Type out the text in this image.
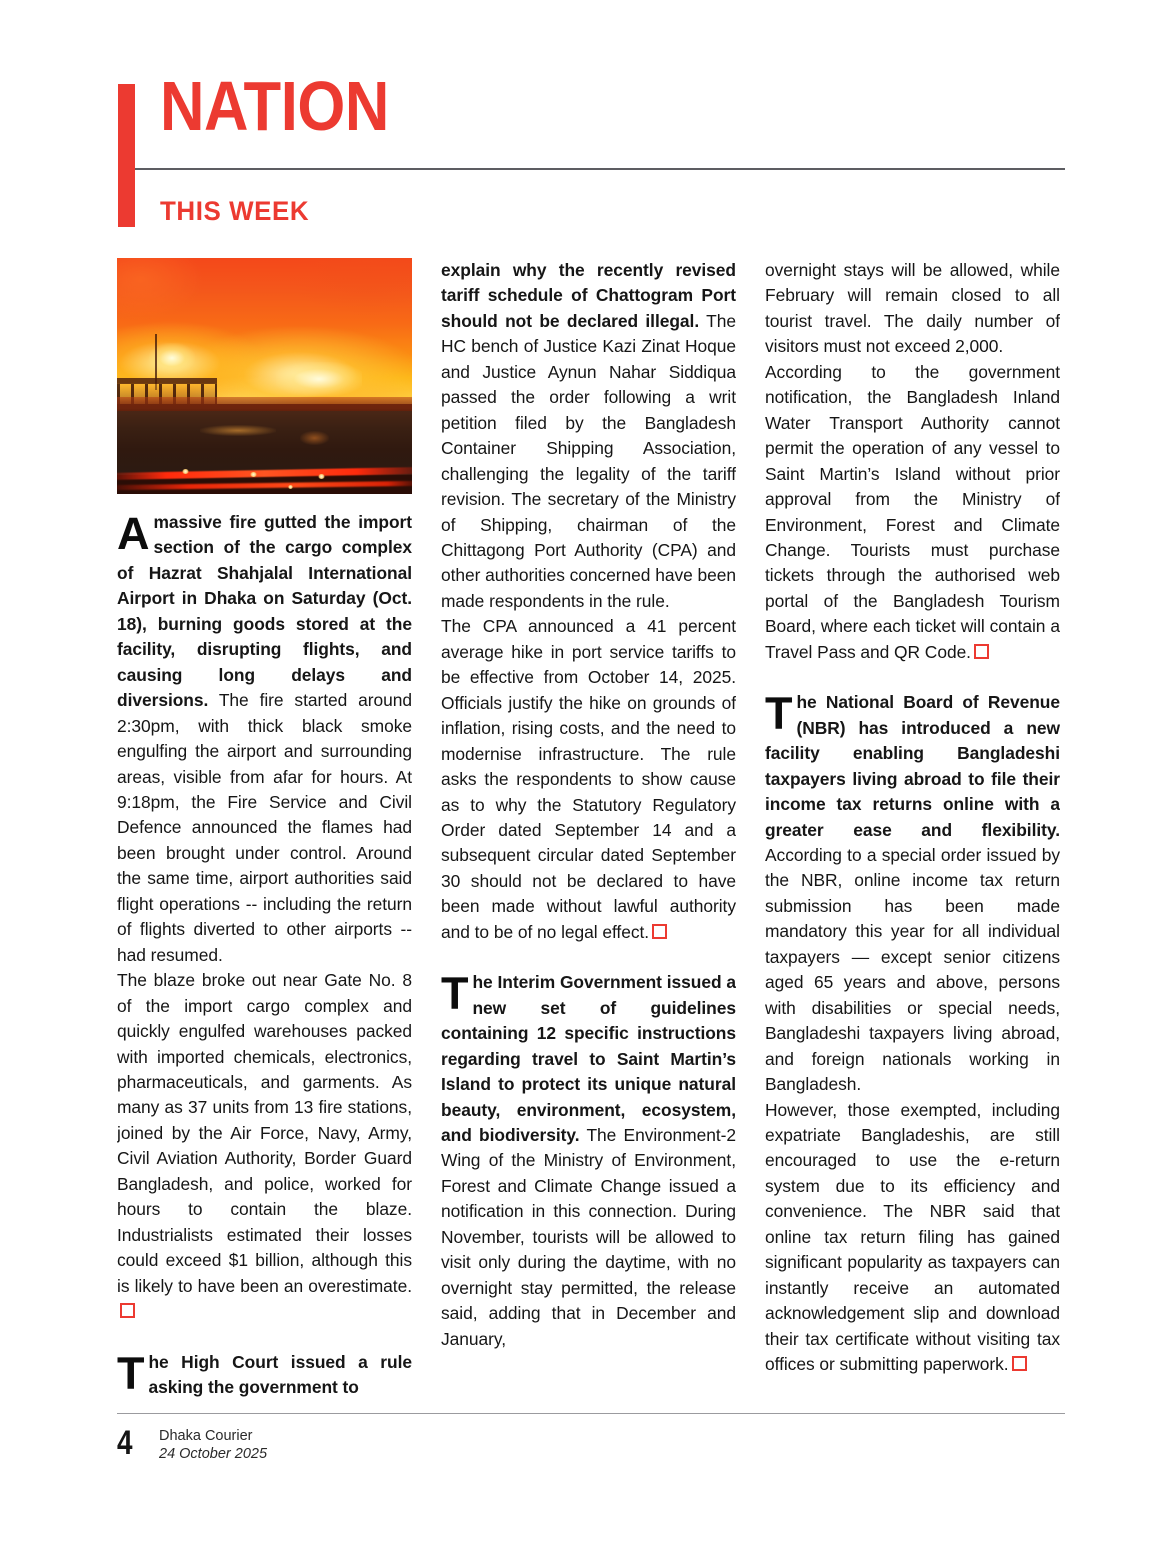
NATION
THIS WEEK

Amassive fire gutted the import section of the cargo complex of Hazrat Shahjalal International Airport in Dhaka on Saturday (Oct. 18), burning goods stored at the facility, disrupting flights, and causing long delays and diversions. The fire started around 2:30pm, with thick black smoke engulfing the airport and surrounding areas, visible from afar for hours. At 9:18pm, the Fire Service and Civil Defence announced the flames had been brought under control. Around the same time, airport authorities said flight operations -- including the return of flights diverted to other airports -- had resumed.

The blaze broke out near Gate No. 8 of the import cargo complex and quickly engulfed warehouses packed with imported chemicals, electronics, pharmaceuticals, and garments. As many as 37 units from 13 fire stations, joined by the Air Force, Navy, Army, Civil Aviation Authority, Border Guard Bangladesh, and police, worked for hours to contain the blaze. Industrialists estimated their losses could exceed $1 billion, although this is likely to have been an overestimate.

The High Court issued a rule asking the government to

explain why the recently revised tariff schedule of Chattogram Port should not be declared illegal. The HC bench of Justice Kazi Zinat Hoque and Justice Aynun Nahar Siddiqua passed the order following a writ petition filed by the Bangladesh Container Shipping Association, challenging the legality of the tariff revision. The secretary of the Ministry of Shipping, chairman of the Chittagong Port Authority (CPA) and other authorities concerned have been made respondents in the rule.

The CPA announced a 41 percent average hike in port service tariffs to be effective from October 14, 2025. Officials justify the hike on grounds of inflation, rising costs, and the need to modernise infrastructure. The rule asks the respondents to show cause as to why the Statutory Regulatory Order dated September 14 and a subsequent circular dated September 30 should not be declared to have been made without lawful authority and to be of no legal effect.

The Interim Government issued a new set of guidelines containing 12 specific instructions regarding travel to Saint Martin’s Island to protect its unique natural beauty, environment, ecosystem, and biodiversity. The Environment-2 Wing of the Ministry of Environment, Forest and Climate Change issued a notification in this connection. During November, tourists will be allowed to visit only during the daytime, with no overnight stay permitted, the release said, adding that in December and January,

overnight stays will be allowed, while February will remain closed to all tourist travel. The daily number of visitors must not exceed 2,000.

According to the government notification, the Bangladesh Inland Water Transport Authority cannot permit the operation of any vessel to Saint Martin’s Island without prior approval from the Ministry of Environment, Forest and Climate Change. Tourists must purchase tickets through the authorised web portal of the Bangladesh Tourism Board, where each ticket will contain a Travel Pass and QR Code.

The National Board of Revenue (NBR) has introduced a new facility enabling Bangladeshi taxpayers living abroad to file their income tax returns online with a greater ease and flexibility. According to a special order issued by the NBR, online income tax return submission has been made mandatory this year for all individual taxpayers — except senior citizens aged 65 years and above, persons with disabilities or special needs, Bangladeshi taxpayers living abroad, and foreign nationals working in Bangladesh.

However, those exempted, including expatriate Bangladeshis, are still encouraged to use the e-return system due to its efficiency and convenience. The NBR said that online tax return filing has gained significant popularity as taxpayers can instantly receive an automated acknowledgement slip and download their tax certificate without visiting tax offices or submitting paperwork.

4 Dhaka Courier
24 October 2025
